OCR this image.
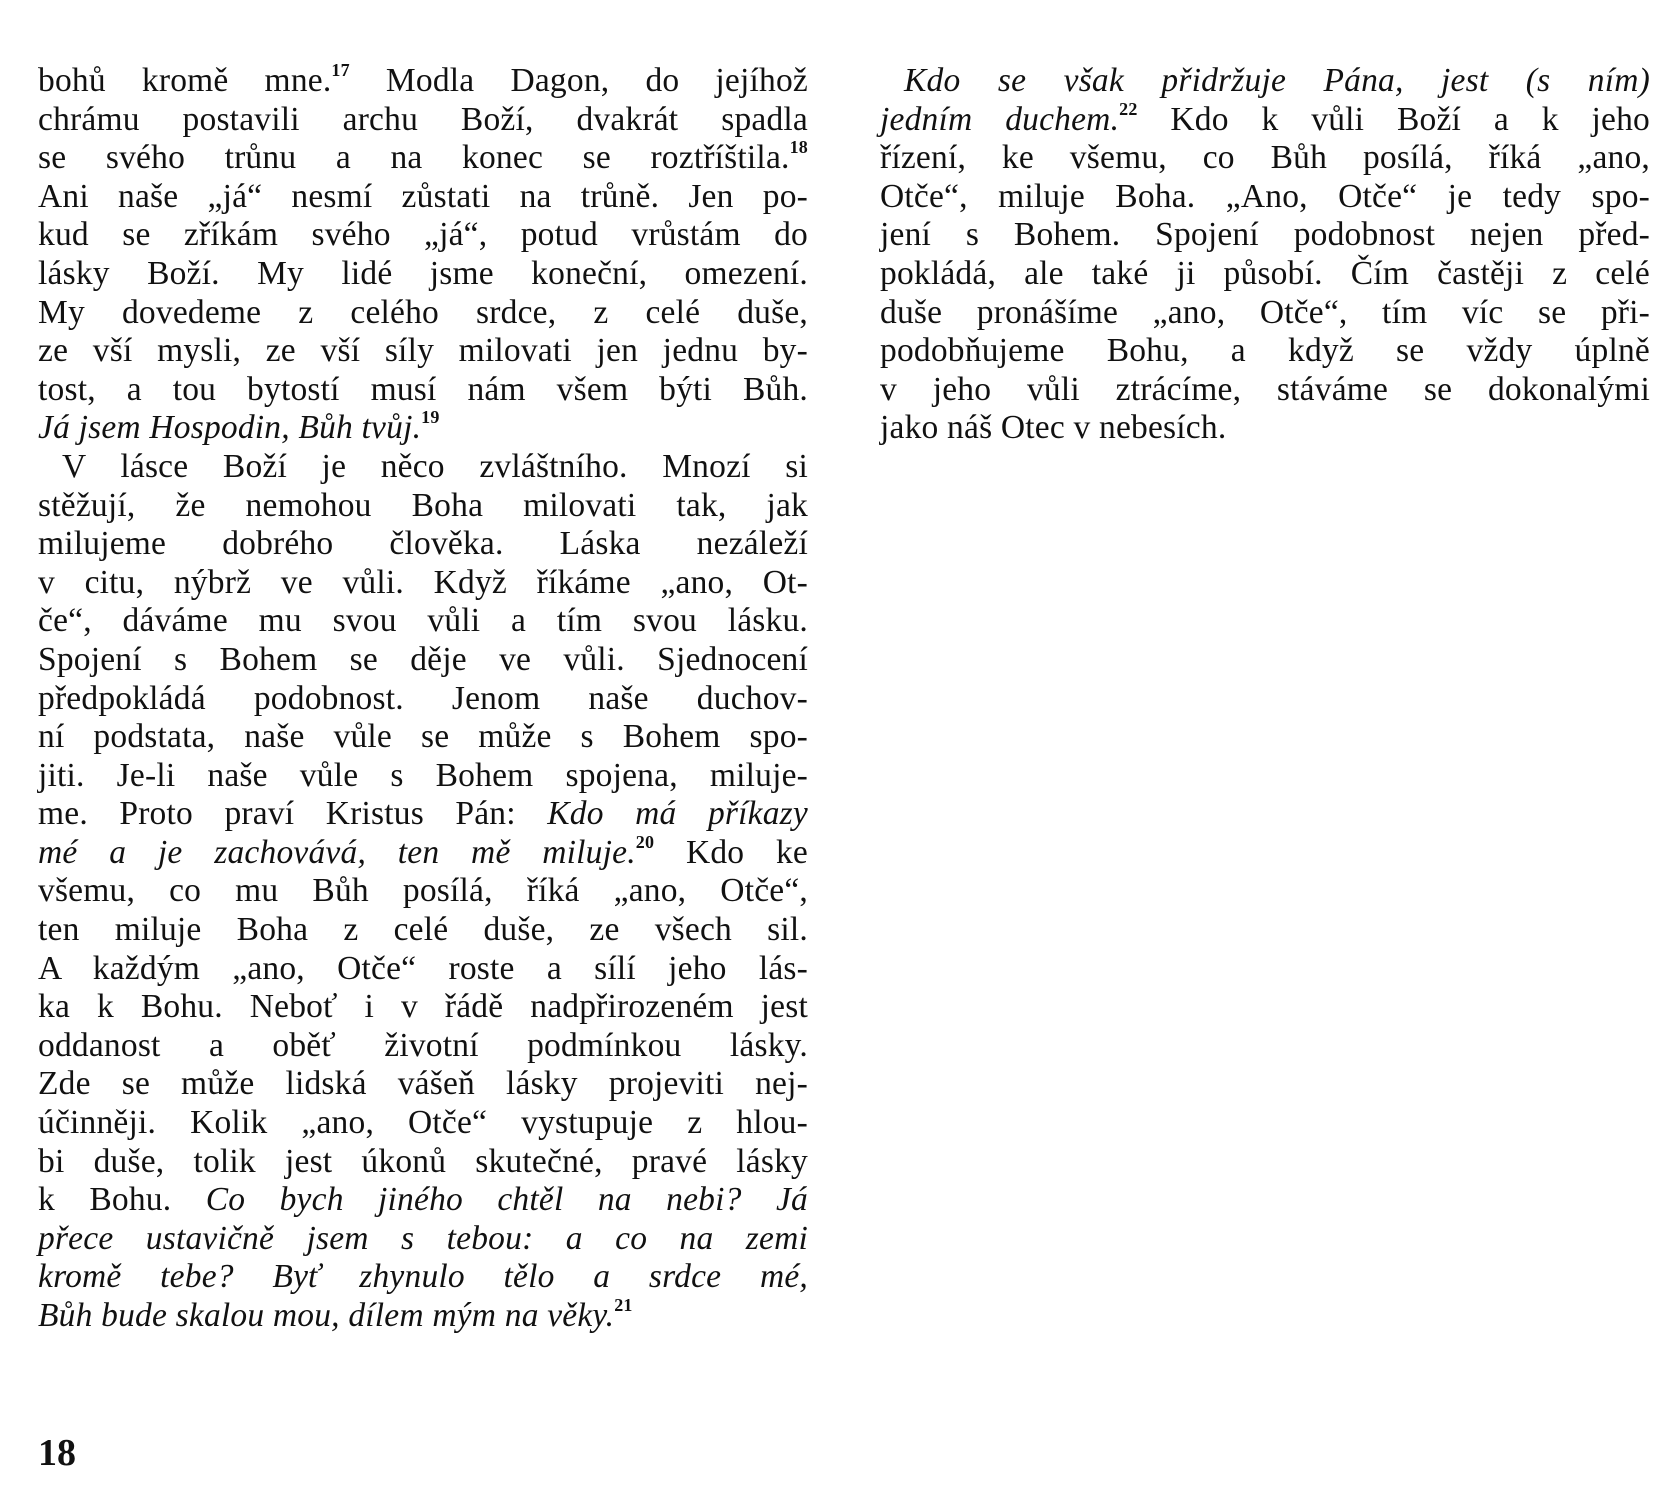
bohů kromě mne.$^{17}$ Modla Dagon, do jejíhož
chrámu postavili archu Boží, dvakrát spadla
se svého trůnu a na konec se roztříštila.$^{18}$
Ani naše „já“ nesmí zůstati na trůně. Jen po-
kud se zříkám svého „já“, potud vrůstám do
lásky Boží. My lidé jsme koneční, omezení.
My dovedeme z celého srdce, z celé duše,
ze vší mysli, ze vší síly milovati jen jednu by-
tost, a tou bytostí musí nám všem býti Bůh.
Já jsem Hospodin, Bůh tvůj.$^{19}$
V lásce Boží je něco zvláštního. Mnozí si
stěžují, že nemohou Boha milovati tak, jak
milujeme dobrého člověka. Láska nezáleží
v citu, nýbrž ve vůli. Když říkáme „ano, Ot-
če“, dáváme mu svou vůli a tím svou lásku.
Spojení s Bohem se děje ve vůli. Sjednocení
předpokládá podobnost. Jenom naše duchov-
ní podstata, naše vůle se může s Bohem spo-
jiti. Je-li naše vůle s Bohem spojena, miluje-
me. Proto praví Kristus Pán: Kdo má příkazy
mé a je zachovává, ten mě miluje.$^{20}$ Kdo ke
všemu, co mu Bůh posílá, říká „ano, Otče“,
ten miluje Boha z celé duše, ze všech sil.
A každým „ano, Otče“ roste a sílí jeho lás-
ka k Bohu. Neboť i v řádě nadpřirozeném jest
oddanost a oběť životní podmínkou lásky.
Zde se může lidská vášeň lásky projeviti nej-
účinněji. Kolik „ano, Otče“ vystupuje z hlou-
bi duše, tolik jest úkonů skutečné, pravé lásky
k Bohu. Co bych jiného chtěl na nebi? Já
přece ustavičně jsem s tebou: a co na zemi
kromě tebe? Byť zhynulo tělo a srdce mé,
Bůh bude skalou mou, dílem mým na věky.$^{21}$
Kdo se však přidržuje Pána, jest (s ním)
jedním duchem.$^{22}$ Kdo k vůli Boží a k jeho
řízení, ke všemu, co Bůh posílá, říká „ano,
Otče“, miluje Boha. „Ano, Otče“ je tedy spo-
jení s Bohem. Spojení podobnost nejen před-
pokládá, ale také ji působí. Čím častěji z celé
duše pronášíme „ano, Otče“, tím víc se při-
podobňujeme Bohu, a když se vždy úplně
v jeho vůli ztrácíme, stáváme se dokonalými
jako náš Otec v nebesích.
18
